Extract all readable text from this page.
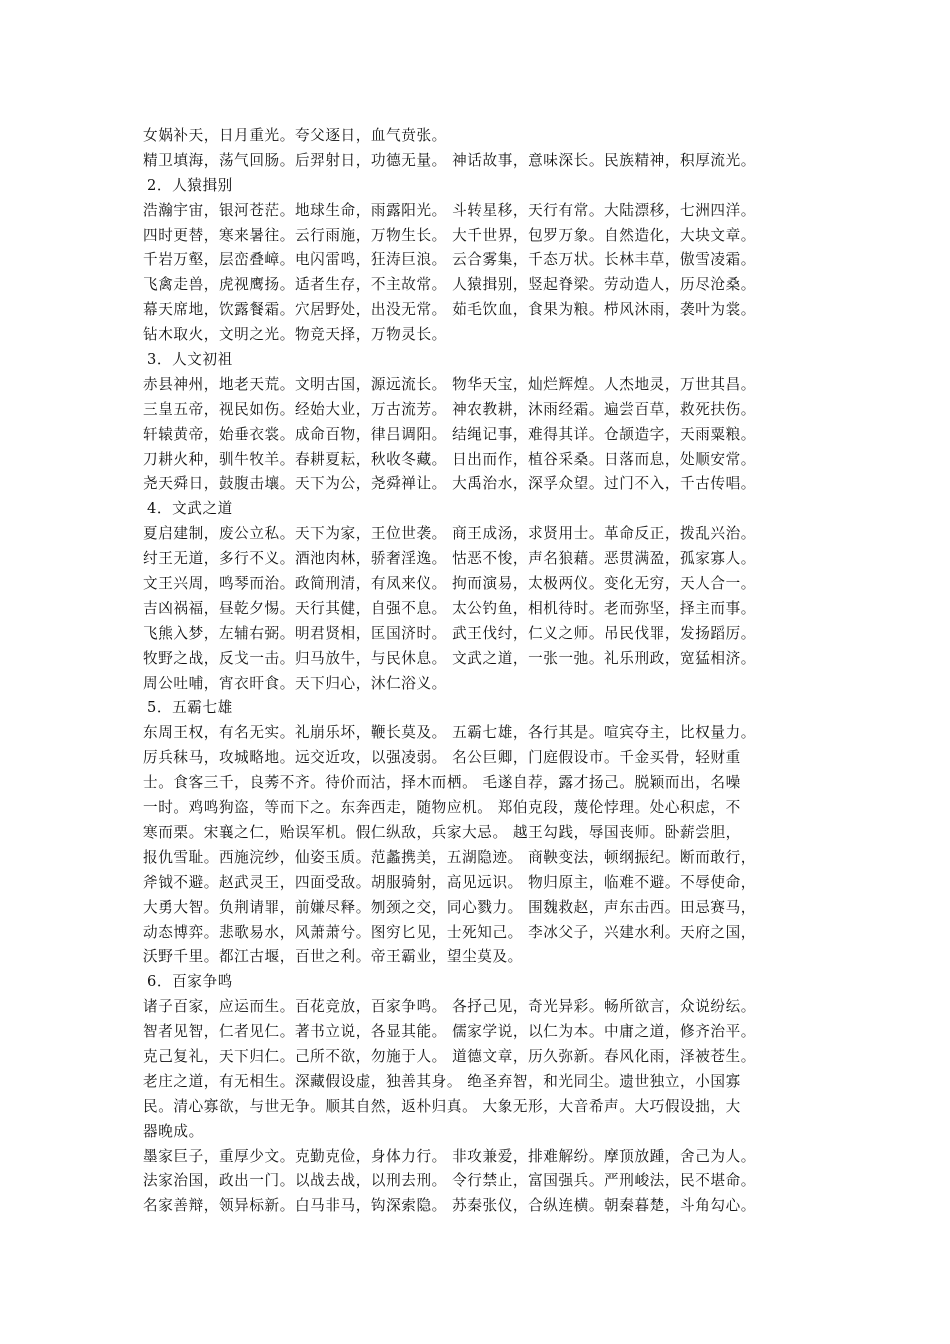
女娲补天，日月重光。夸父逐日，血气贲张。
精卫填海，荡气回肠。后羿射日，功德无量。 神话故事，意味深长。民族精神，积厚流光。
2．人猿揖别
浩瀚宇宙，银河苍茫。地球生命，雨露阳光。 斗转星移，天行有常。大陆漂移，七洲四洋。
四时更替，寒来暑往。云行雨施，万物生长。 大千世界，包罗万象。自然造化，大块文章。
千岩万壑，层峦叠嶂。电闪雷鸣，狂涛巨浪。 云合雾集，千态万状。长林丰草，傲雪凌霜。
飞禽走兽，虎视鹰扬。适者生存，不主故常。 人猿揖别，竖起脊梁。劳动造人，历尽沧桑。
幕天席地，饮露餐霜。穴居野处，出没无常。 茹毛饮血，食果为粮。栉风沐雨，袭叶为裳。
钻木取火，文明之光。物竞天择，万物灵长。
3．人文初祖
赤县神州，地老天荒。文明古国，源远流长。 物华天宝，灿烂辉煌。人杰地灵，万世其昌。
三皇五帝，视民如伤。经始大业，万古流芳。 神农教耕，沐雨经霜。遍尝百草，救死扶伤。
轩辕黄帝，始垂衣裳。成命百物，律吕调阳。 结绳记事，难得其详。仓颉造字，天雨粟粮。
刀耕火种，驯牛牧羊。春耕夏耘，秋收冬藏。 日出而作，植谷采桑。日落而息，处顺安常。
尧天舜日，鼓腹击壤。天下为公，尧舜禅让。 大禹治水，深孚众望。过门不入，千古传唱。
4．文武之道
夏启建制，废公立私。天下为家，王位世袭。 商王成汤，求贤用士。革命反正，拨乱兴治。
纣王无道，多行不义。酒池肉林，骄奢淫逸。 怙恶不悛，声名狼藉。恶贯满盈，孤家寡人。
文王兴周，鸣琴而治。政简刑清，有凤来仪。 拘而演易，太极两仪。变化无穷，天人合一。
吉凶祸福，昼乾夕惕。天行其健，自强不息。 太公钓鱼，相机待时。老而弥坚，择主而事。
飞熊入梦，左辅右弼。明君贤相，匡国济时。 武王伐纣，仁义之师。吊民伐罪，发扬蹈厉。
牧野之战，反戈一击。归马放牛，与民休息。 文武之道，一张一弛。礼乐刑政，宽猛相济。
周公吐哺，宵衣旰食。天下归心，沐仁浴义。
5．五霸七雄
东周王权，有名无实。礼崩乐坏，鞭长莫及。 五霸七雄，各行其是。喧宾夺主，比权量力。
厉兵秣马，攻城略地。远交近攻，以强凌弱。 名公巨卿，门庭假设市。千金买骨，轻财重
士。食客三千，良莠不齐。待价而沽，择木而栖。 毛遂自荐，露才扬己。脱颖而出，名噪
一时。鸡鸣狗盗，等而下之。东奔西走，随物应机。 郑伯克段，蔑伦悖理。处心积虑，不
寒而栗。宋襄之仁，贻误军机。假仁纵敌，兵家大忌。 越王勾践，辱国丧师。卧薪尝胆，
报仇雪耻。西施浣纱，仙姿玉质。范蠡携美，五湖隐迹。 商鞅变法，顿纲振纪。断而敢行，
斧钺不避。赵武灵王，四面受敌。胡服骑射，高见远识。 物归原主，临难不避。不辱使命，
大勇大智。负荆请罪，前嫌尽释。刎颈之交，同心戮力。 围魏救赵，声东击西。田忌赛马，
动态博弈。悲歌易水，风萧萧兮。图穷匕见，士死知己。 李冰父子，兴建水利。天府之国，
沃野千里。都江古堰，百世之利。帝王霸业，望尘莫及。
6．百家争鸣
诸子百家，应运而生。百花竞放，百家争鸣。 各抒己见，奇光异彩。畅所欲言，众说纷纭。
智者见智，仁者见仁。著书立说，各显其能。 儒家学说，以仁为本。中庸之道，修齐治平。
克己复礼，天下归仁。己所不欲，勿施于人。 道德文章，历久弥新。春风化雨，泽被苍生。
老庄之道，有无相生。深藏假设虚，独善其身。 绝圣弃智，和光同尘。遗世独立，小国寡
民。清心寡欲，与世无争。顺其自然，返朴归真。 大象无形，大音希声。大巧假设拙，大
器晚成。
墨家巨子，重厚少文。克勤克俭，身体力行。 非攻兼爱，排难解纷。摩顶放踵，舍己为人。
法家治国，政出一门。以战去战，以刑去刑。 令行禁止，富国强兵。严刑峻法，民不堪命。
名家善辩，领异标新。白马非马，钩深索隐。 苏秦张仪，合纵连横。朝秦暮楚，斗角勾心。
